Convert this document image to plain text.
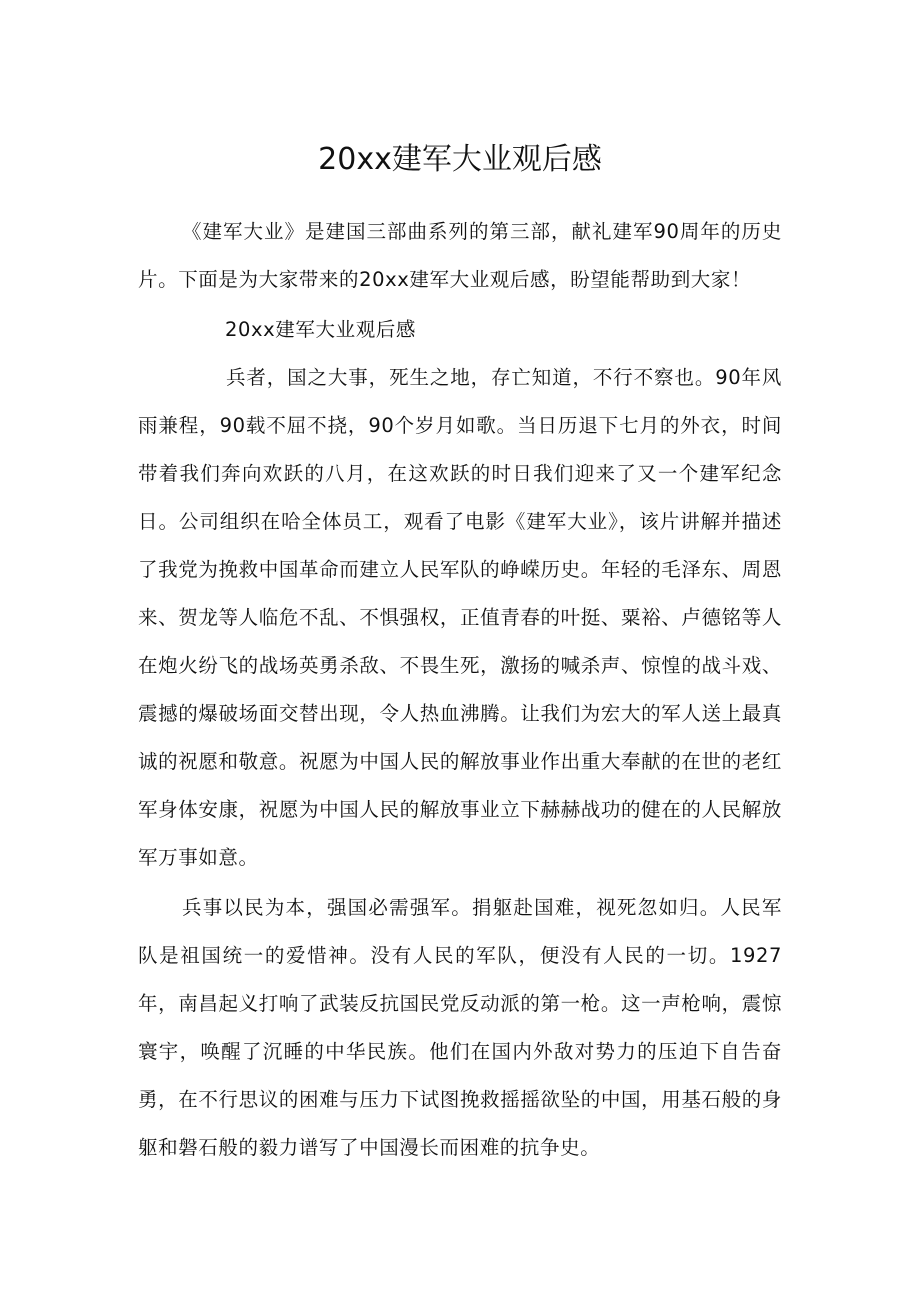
20xx建军大业观后感

《建军大业》是建国三部曲系列的第三部，献礼建军90周年的历史片。下面是为大家带来的20xx建军大业观后感，盼望能帮助到大家！

20xx建军大业观后感

兵者，国之大事，死生之地，存亡知道，不行不察也。90年风雨兼程，90载不屈不挠，90个岁月如歌。当日历退下七月的外衣，时间带着我们奔向欢跃的八月，在这欢跃的时日我们迎来了又一个建军纪念日。公司组织在哈全体员工，观看了电影《建军大业》，该片讲解并描述了我党为挽救中国革命而建立人民军队的峥嵘历史。年轻的毛泽东、周恩来、贺龙等人临危不乱、不惧强权，正值青春的叶挺、粟裕、卢德铭等人在炮火纷飞的战场英勇杀敌、不畏生死，激扬的喊杀声、惊惶的战斗戏、震撼的爆破场面交替出现，令人热血沸腾。让我们为宏大的军人送上最真诚的祝愿和敬意。祝愿为中国人民的解放事业作出重大奉献的在世的老红军身体安康，祝愿为中国人民的解放事业立下赫赫战功的健在的人民解放军万事如意。

兵事以民为本，强国必需强军。捐躯赴国难，视死忽如归。人民军队是祖国统一的爱惜神。没有人民的军队，便没有人民的一切。1927年，南昌起义打响了武装反抗国民党反动派的第一枪。这一声枪响，震惊寰宇，唤醒了沉睡的中华民族。他们在国内外敌对势力的压迫下自告奋勇，在不行思议的困难与压力下试图挽救摇摇欲坠的中国，用基石般的身躯和磐石般的毅力谱写了中国漫长而困难的抗争史。
